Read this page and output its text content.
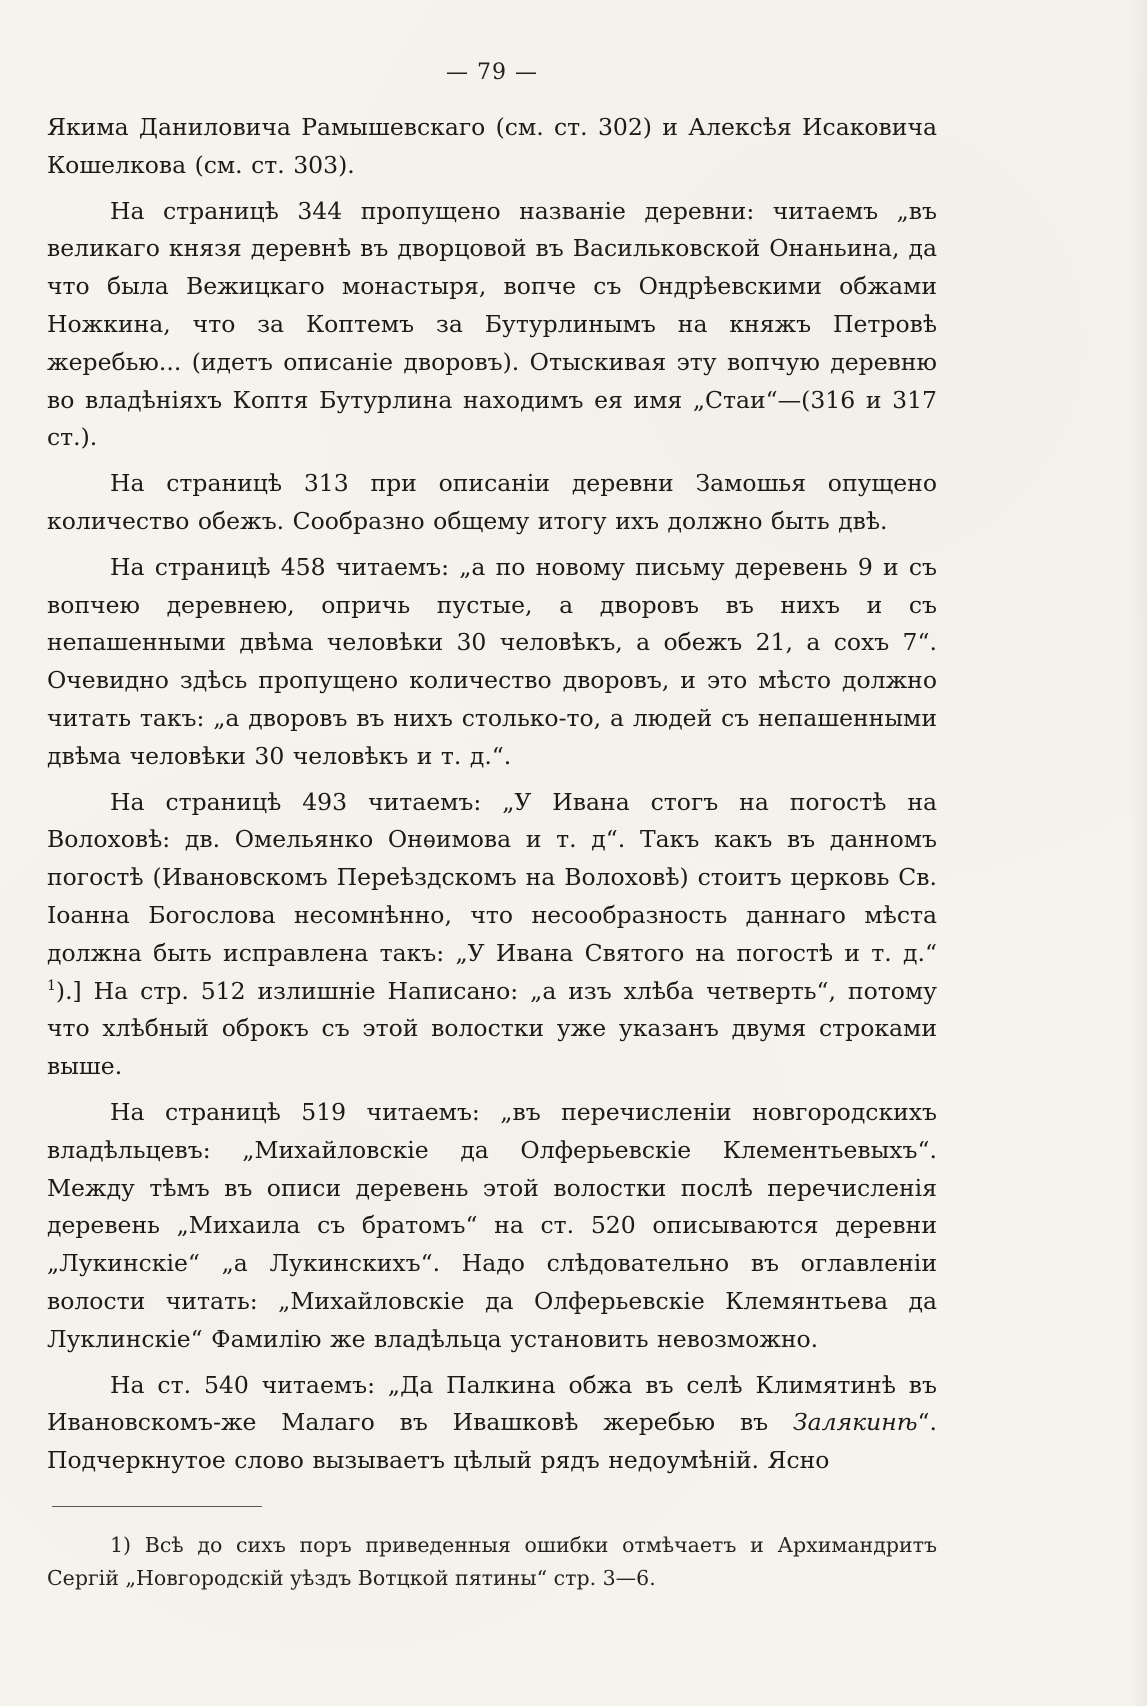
— 79 —

Якима Даниловича Рамышевскаго (см. ст. 302) и Алексѣя Исаковича Кошелкова (см. ст. 303).

На страницѣ 344 пропущено названіе деревни: читаемъ „въ великаго князя деревнѣ въ дворцовой въ Васильковской Онаньина, да что была Вежицкаго монастыря, вопче съ Ондрѣевскими обжами Ножкина, что за Коптемъ за Бутурлинымъ на княжъ Петровѣ жеребью... (идетъ описаніе дворовъ). Отыскивая эту вопчую деревню во владѣніяхъ Коптя Бутурлина находимъ ея имя „Стаи“—(316 и 317 ст.).

На страницѣ 313 при описаніи деревни Замошья опущено количество обежъ. Сообразно общему итогу ихъ должно быть двѣ.

На страницѣ 458 читаемъ: „а по новому письму деревень 9 и съ вопчею деревнею, опричь пустые, а дворовъ въ нихъ и съ непашенными двѣма человѣки 30 человѣкъ, а обежъ 21, а сохъ 7“. Очевидно здѣсь пропущено количество дворовъ, и это мѣсто должно читать такъ: „а дворовъ въ нихъ столько-то, а людей съ непашенными двѣма человѣки 30 человѣкъ и т. д.“.

На страницѣ 493 читаемъ: „У Ивана стогъ на погостѣ на Волоховѣ: дв. Омельянко Онѳимова и т. д“. Такъ какъ въ данномъ погостѣ (Ивановскомъ Переѣздскомъ на Волоховѣ) стоитъ церковь Св. Іоанна Богослова несомнѣнно, что несообразность даннаго мѣста должна быть исправлена такъ: „У Ивана Святого на погостѣ и т. д.“ $^1$).] На стр. 512 излишніе Написано: „а изъ хлѣба четверть“, потому что хлѣбный оброкъ съ этой волостки уже указанъ двумя строками выше.

На страницѣ 519 читаемъ: „въ перечисленіи новгородскихъ владѣльцевъ: „Михайловскіе да Олферьевскіе Клементьевыхъ“. Между тѣмъ въ описи деревень этой волостки послѣ перечисленія деревень „Михаила съ братомъ“ на ст. 520 описываются деревни „Лукинскіе“ „а Лукинскихъ“. Надо слѣдовательно въ оглавленіи волости читать: „Михайловскіе да Олферьевскіе Клемянтьева да Луклинскіе“ Фамилію же владѣльца установить невозможно.

На ст. 540 читаемъ: „Да Палкина обжа въ селѣ Климятинѣ въ Ивановскомъ-же Малаго въ Ивашковѣ жеребью въ Залякинѣ“. Подчеркнутое слово вызываетъ цѣлый рядъ недоумѣній. Ясно

1) Всѣ до сихъ поръ приведенныя ошибки отмѣчаетъ и Архимандритъ Сергій „Новгородскій уѣздъ Вотцкой пятины“ стр. 3—6.
